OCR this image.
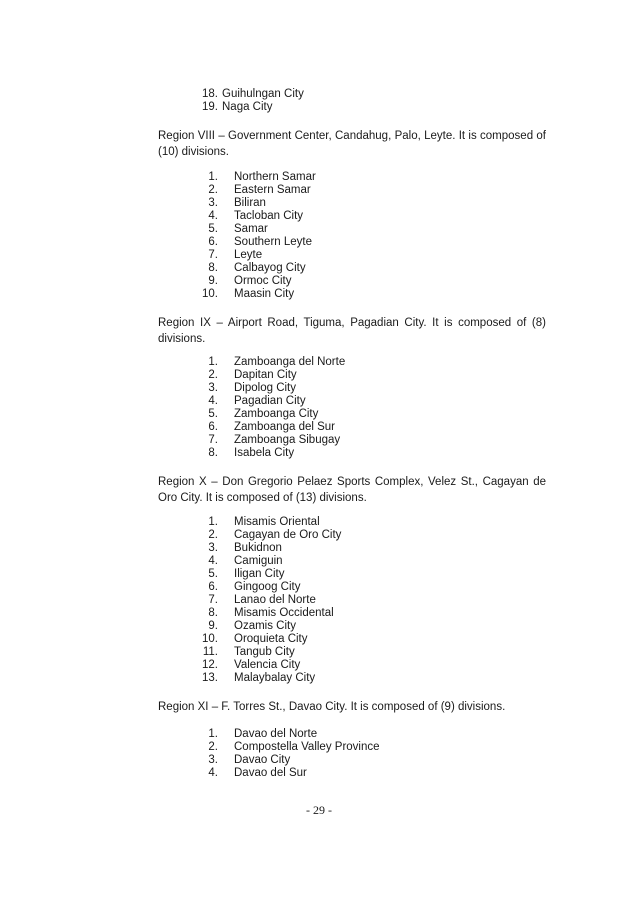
18. Guihulngan City
19. Naga City
Region VIII – Government Center, Candahug, Palo, Leyte. It is composed of (10) divisions.
1. Northern Samar
2. Eastern Samar
3. Biliran
4. Tacloban City
5. Samar
6. Southern Leyte
7. Leyte
8. Calbayog City
9. Ormoc City
10. Maasin City
Region IX – Airport Road, Tiguma, Pagadian City. It is composed of (8) divisions.
1. Zamboanga del Norte
2. Dapitan City
3. Dipolog City
4. Pagadian City
5. Zamboanga City
6. Zamboanga del Sur
7. Zamboanga Sibugay
8. Isabela City
Region X – Don Gregorio Pelaez Sports Complex, Velez St., Cagayan de Oro City. It is composed of (13) divisions.
1. Misamis Oriental
2. Cagayan de Oro City
3. Bukidnon
4. Camiguin
5. Iligan City
6. Gingoog City
7. Lanao del Norte
8. Misamis Occidental
9. Ozamis City
10. Oroquieta City
11. Tangub City
12. Valencia City
13. Malaybalay City
Region XI – F. Torres St., Davao City. It is composed of (9) divisions.
1. Davao del Norte
2. Compostella Valley Province
3. Davao City
4. Davao del Sur
- 29 -
